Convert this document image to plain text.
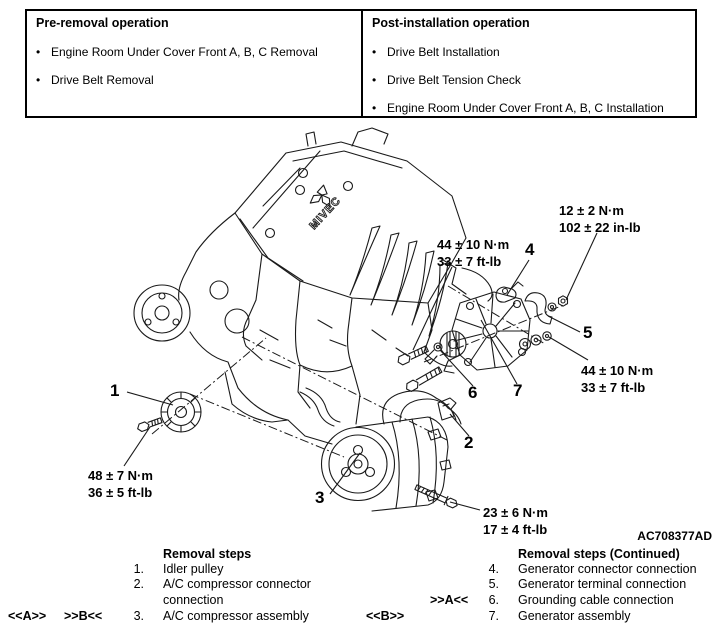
Pre-removal operation
• Engine Room Under Cover Front A, B, C Removal
• Drive Belt Removal
Post-installation operation
• Drive Belt Installation
• Drive Belt Tension Check
• Engine Room Under Cover Front A, B, C Installation
MIVEC
44 ± 10 N·m
33 ± 7 ft-lb
12 ± 2 N·m
102 ± 22 in-lb
44 ± 10 N·m
33 ± 7 ft-lb
48 ± 7 N·m
36 ± 5 ft-lb
23 ± 6 N·m
17 ± 4 ft-lb
1
2
3
4
5
6 7
AC708377AD
Removal steps
1. Idler pulley
2. A/C compressor connector connection
3. A/C compressor assembly
<<A>> >>B<<
Removal steps (Continued)
4. Generator connector connection
5. Generator terminal connection
6. Grounding cable connection
7. Generator assembly
>>A<<
<<B>>
